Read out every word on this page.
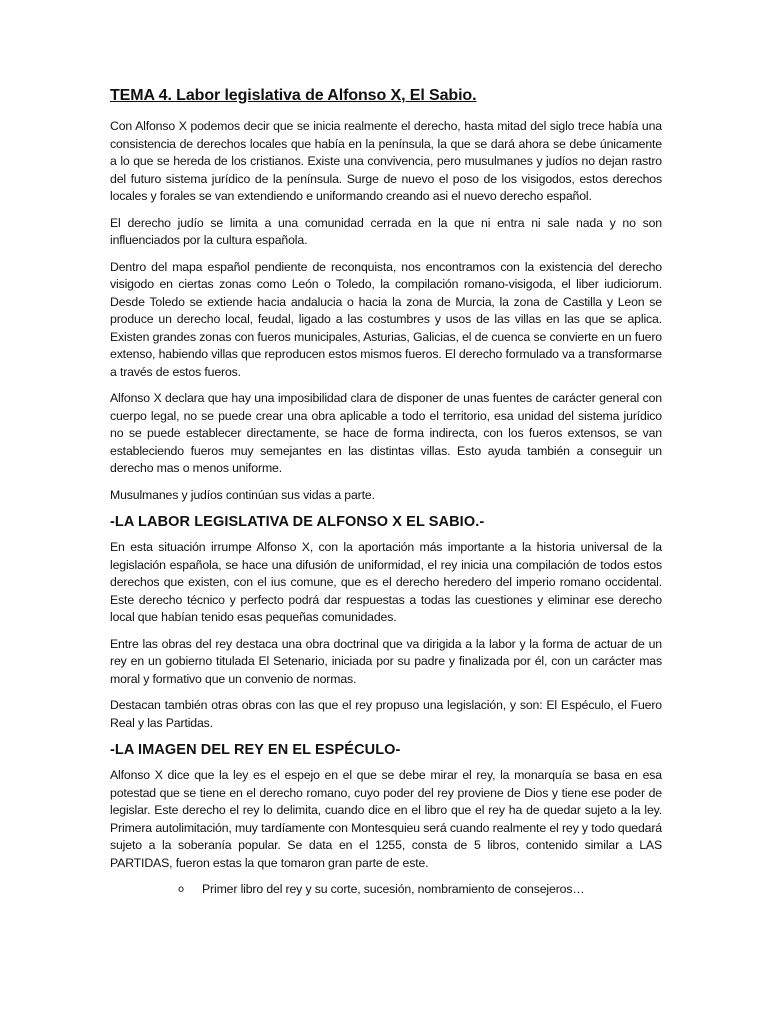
TEMA 4. Labor legislativa de Alfonso X, El Sabio.

Con Alfonso X podemos decir que se inicia realmente el derecho, hasta mitad del siglo trece había una consistencia de derechos locales que había en la península, la que se dará ahora se debe únicamente a lo que se hereda de los cristianos. Existe una convivencia, pero musulmanes y judíos no dejan rastro del futuro sistema jurídico de la península. Surge de nuevo el poso de los visigodos, estos derechos locales y forales se van extendiendo e uniformando creando asi el nuevo derecho español.

El derecho judío se limita a una comunidad cerrada en la que ni entra ni sale nada y no son influenciados por la cultura española.

Dentro del mapa español pendiente de reconquista, nos encontramos con la existencia del derecho visigodo en ciertas zonas como León o Toledo, la compilación romano-visigoda, el liber iudiciorum. Desde Toledo se extiende hacia andalucia o hacia la zona de Murcia, la zona de Castilla y Leon se produce un derecho local, feudal, ligado a las costumbres y usos de las villas en las que se aplica. Existen grandes zonas con fueros municipales, Asturias, Galicias, el de cuenca se convierte en un fuero extenso, habiendo villas que reproducen estos mismos fueros. El derecho formulado va a transformarse a través de estos fueros.

Alfonso X declara que hay una imposibilidad clara de disponer de unas fuentes de carácter general con cuerpo legal, no se puede crear una obra aplicable a todo el territorio, esa unidad del sistema jurídico no se puede establecer directamente, se hace de forma indirecta, con los fueros extensos, se van estableciendo fueros muy semejantes en las distintas villas. Esto ayuda también a conseguir un derecho mas o menos uniforme.

Musulmanes y judíos continúan sus vidas a parte.

-LA LABOR LEGISLATIVA DE ALFONSO X EL SABIO.-

En esta situación irrumpe Alfonso X, con la aportación más importante a la historia universal de la legislación española, se hace una difusión de uniformidad, el rey inicia una compilación de todos estos derechos que existen, con el ius comune, que es el derecho heredero del imperio romano occidental. Este derecho técnico y perfecto podrá dar respuestas a todas las cuestiones y eliminar ese derecho local que habían tenido esas pequeñas comunidades.

Entre las obras del rey destaca una obra doctrinal que va dirigida a la labor y la forma de actuar de un rey en un gobierno titulada El Setenario, iniciada por su padre y finalizada por él, con un carácter mas moral y formativo que un convenio de normas.

Destacan también otras obras con las que el rey propuso una legislación, y son: El Espéculo, el Fuero Real y las Partidas.

-LA IMAGEN DEL REY EN EL ESPÉCULO-

Alfonso X dice que la ley es el espejo en el que se debe mirar el rey, la monarquía se basa en esa potestad que se tiene en el derecho romano, cuyo poder del rey proviene de Dios y tiene ese poder de legislar. Este derecho el rey lo delimita, cuando dice en el libro que el rey ha de quedar sujeto a la ley. Primera autolimitación, muy tardíamente con Montesquieu será cuando realmente el rey y todo quedará sujeto a la soberanía popular. Se data en el 1255, consta de 5 libros, contenido similar a LAS PARTIDAS, fueron estas la que tomaron gran parte de este.

o Primer libro del rey y su corte, sucesión, nombramiento de consejeros…
